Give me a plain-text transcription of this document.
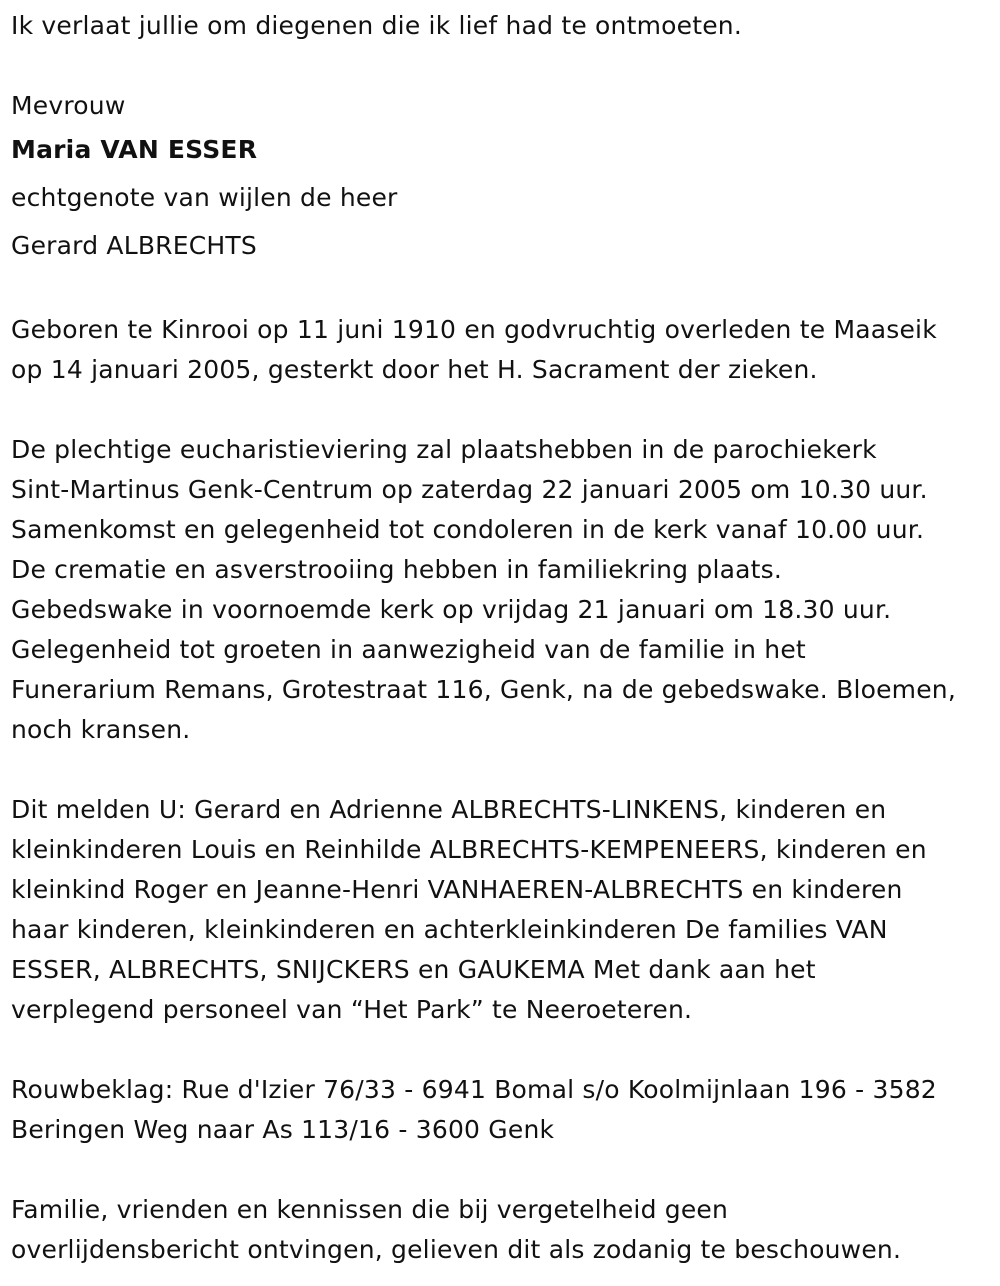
Ik verlaat jullie om diegenen die ik lief had te ontmoeten.
Mevrouw
Maria VAN ESSER
echtgenote van wijlen de heer
Gerard ALBRECHTS
Geboren te Kinrooi op 11 juni 1910 en godvruchtig overleden te Maaseik
op 14 januari 2005, gesterkt door het H. Sacrament der zieken.
De plechtige eucharistieviering zal plaatshebben in de parochiekerk
Sint-Martinus Genk-Centrum op zaterdag 22 januari 2005 om 10.30 uur.
Samenkomst en gelegenheid tot condoleren in de kerk vanaf 10.00 uur.
De crematie en asverstrooiing hebben in familiekring plaats.
Gebedswake in voornoemde kerk op vrijdag 21 januari om 18.30 uur.
Gelegenheid tot groeten in aanwezigheid van de familie in het
Funerarium Remans, Grotestraat 116, Genk, na de gebedswake. Bloemen,
noch kransen.
Dit melden U: Gerard en Adrienne ALBRECHTS-LINKENS, kinderen en
kleinkinderen Louis en Reinhilde ALBRECHTS-KEMPENEERS, kinderen en
kleinkind Roger en Jeanne-Henri VANHAEREN-ALBRECHTS en kinderen
haar kinderen, kleinkinderen en achterkleinkinderen De families VAN
ESSER, ALBRECHTS, SNIJCKERS en GAUKEMA Met dank aan het
verplegend personeel van “Het Park” te Neeroeteren.
Rouwbeklag: Rue d'Izier 76/33 - 6941 Bomal s/o Koolmijnlaan 196 - 3582
Beringen Weg naar As 113/16 - 3600 Genk
Familie, vrienden en kennissen die bij vergetelheid geen
overlijdensbericht ontvingen, gelieven dit als zodanig te beschouwen.
